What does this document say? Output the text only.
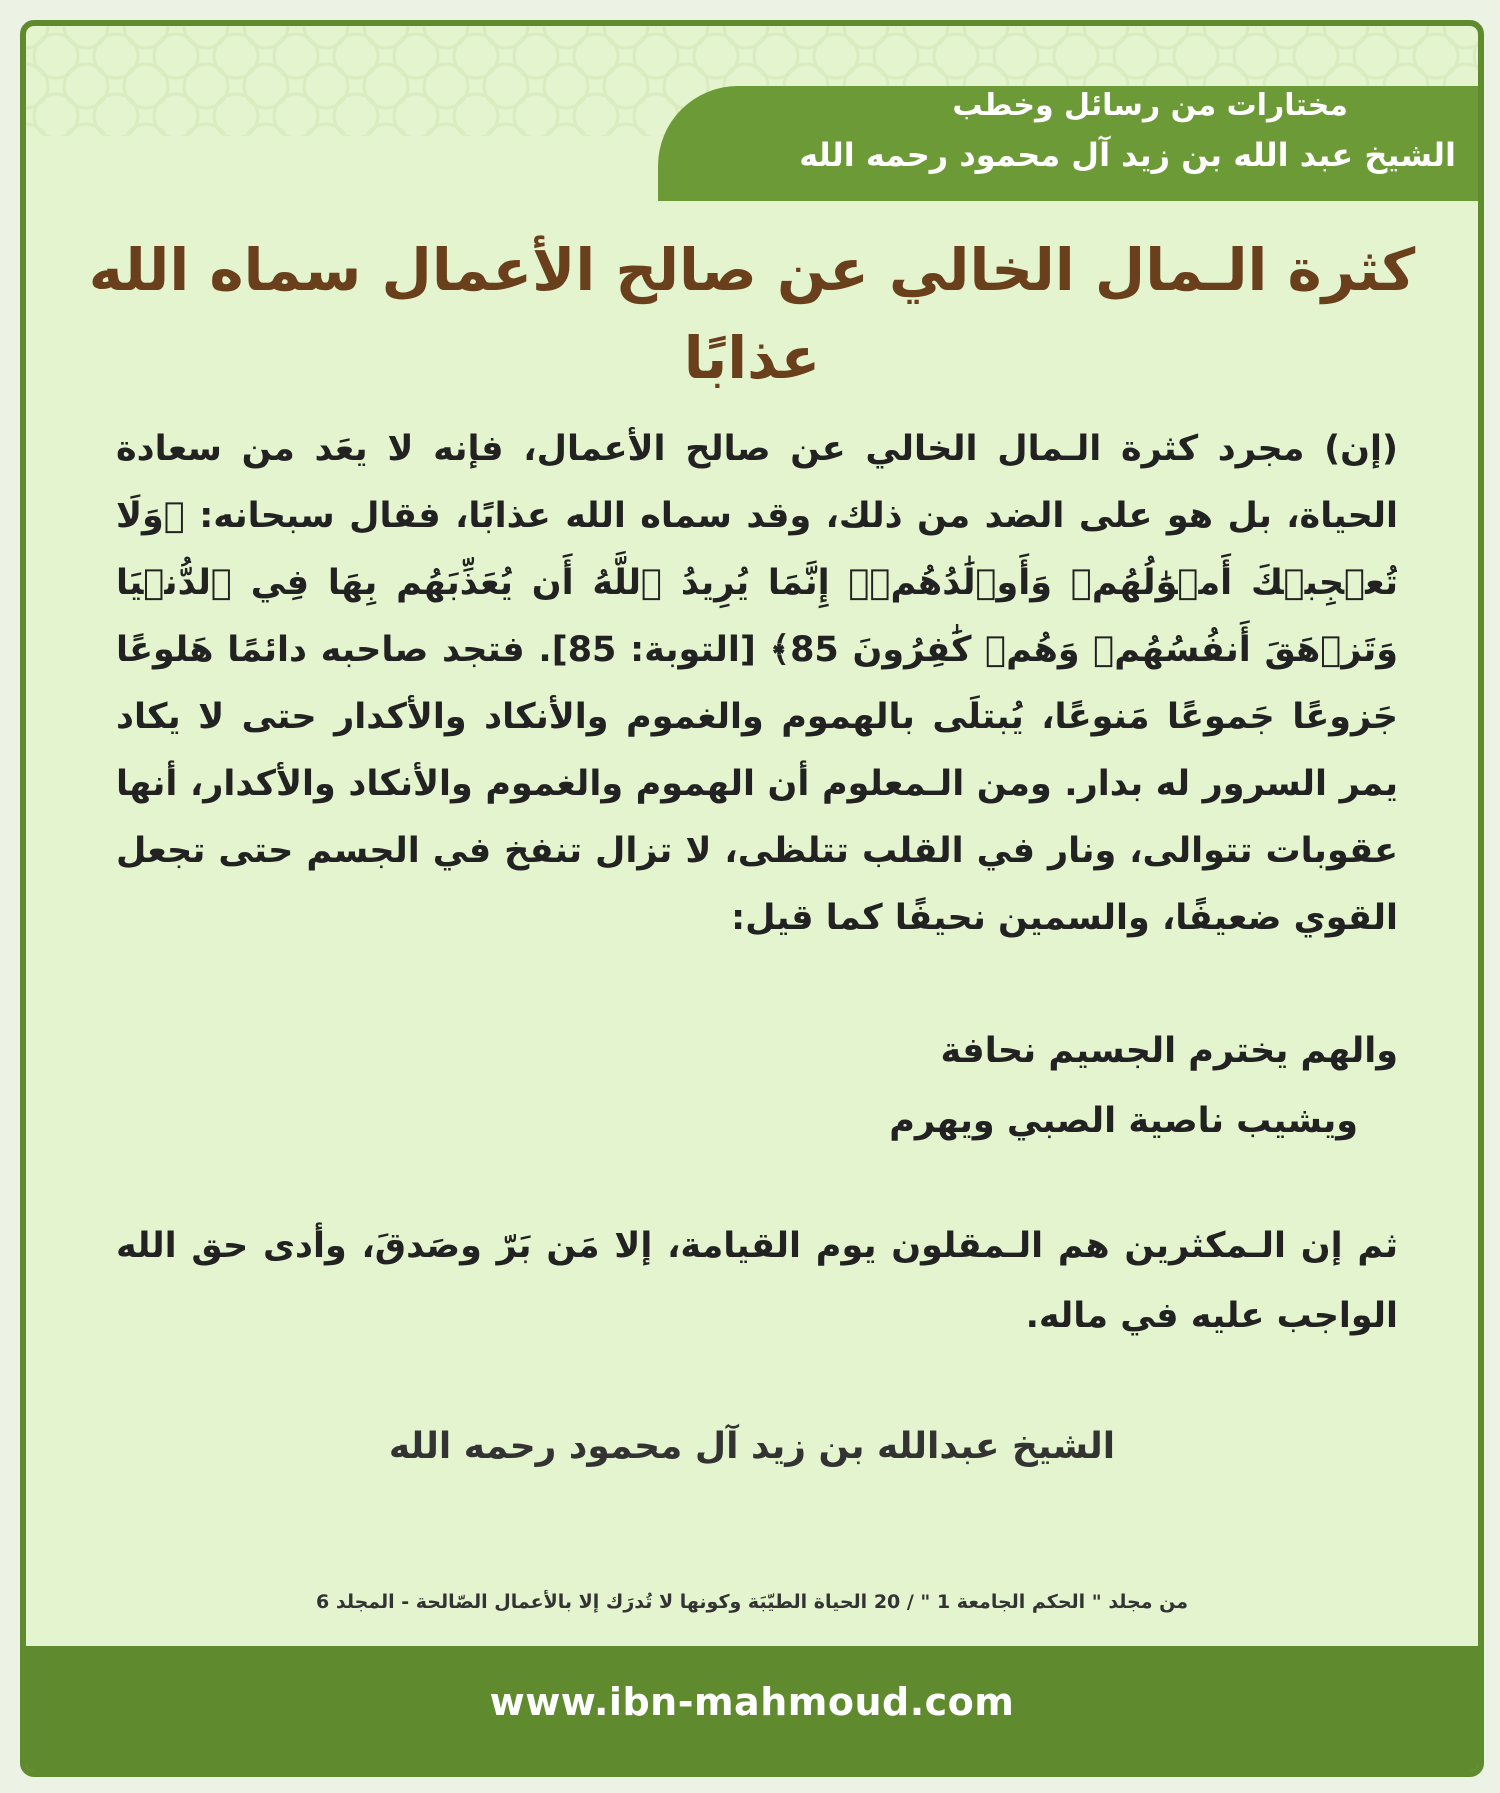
مختارات من رسائل وخطب
الشيخ عبد الله بن زيد آل محمود رحمه الله
كثرة الـمال الخالي عن صالح الأعمال سماه الله عذابًا

(إن) مجرد كثرة الـمال الخالي عن صالح الأعمال، فإنه لا يعَد من سعادة الحياة، بل هو على الضد من ذلك، وقد سماه الله عذابًا، فقال سبحانه: ﴿وَلَا تُعۡجِبۡكَ أَمۡوَٰلُهُمۡ وَأَوۡلَٰدُهُمۡۚ إِنَّمَا يُرِيدُ ٱللَّهُ أَن يُعَذِّبَهُم بِهَا فِي ٱلدُّنۡيَا وَتَزۡهَقَ أَنفُسُهُمۡ وَهُمۡ كَٰفِرُونَ 85﴾ [التوبة: 85]. فتجد صاحبه دائمًا هَلوعًا جَزوعًا جَموعًا مَنوعًا، يُبتلَى بالهموم والغموم والأنكاد والأكدار حتى لا يكاد يمر السرور له بدار. ومن الـمعلوم أن الهموم والغموم والأنكاد والأكدار، أنها عقوبات تتوالى، ونار في القلب تتلظى، لا تزال تنفخ في الجسم حتى تجعل القوي ضعيفًا، والسمين نحيفًا كما قيل:

والهم يخترم الجسيم نحافة
ويشيب ناصية الصبي ويهرم
ثم إن الـمكثرين هم الـمقلون يوم القيامة، إلا مَن بَرّ وصَدقَ، وأدى حق الله الواجب عليه في ماله.
الشيخ عبدالله بن زيد آل محمود رحمه الله
من مجلد " الحكم الجامعة 1 " / 20 الحياة الطيّبَة وكونها لا تُدرَك إلا بالأعمال الصّالحة - المجلد 6
www.ibn-mahmoud.com
